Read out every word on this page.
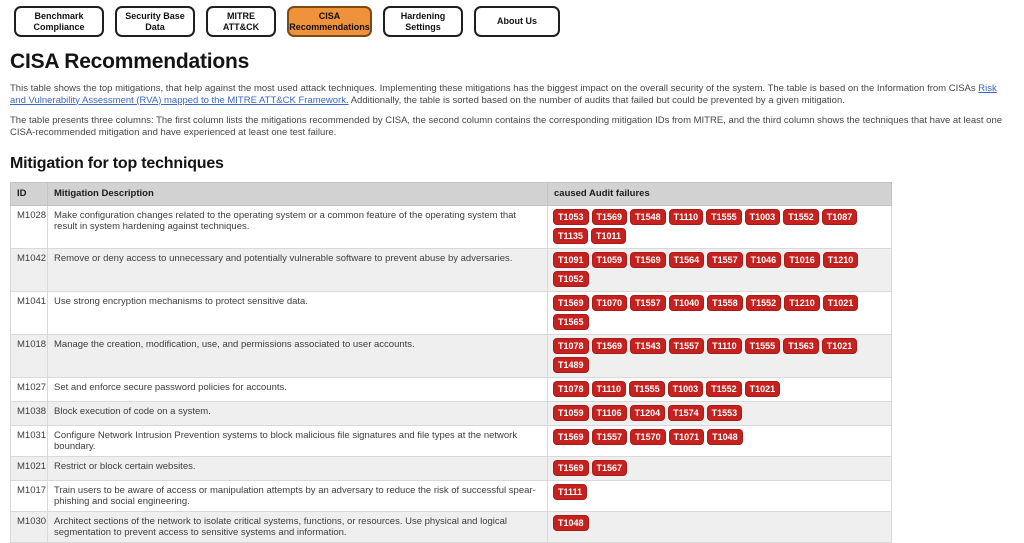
Benchmark Compliance
Security Base Data
MITRE ATT&CK
CISA Recommendations
Hardening Settings
About Us
CISA Recommendations

This table shows the top mitigations, that help against the most used attack techniques. Implementing these mitigations has the biggest impact on the overall security of the system. The table is based on the Information from CISAs Risk and Vulnerability Assessment (RVA) mapped to the MITRE ATT&CK Framework. Additionally, the table is sorted based on the number of audits that failed but could be prevented by a given mitigation.

The table presents three columns: The first column lists the mitigations recommended by CISA, the second column contains the corresponding mitigation IDs from MITRE, and the third column shows the techniques that have at least one CISA-recommended mitigation and have experienced at least one test failure.

Mitigation for top techniques
ID	Mitigation Description	caused Audit failures
M1028	Make configuration changes related to the operating system or a common feature of the operating system that result in system hardening against techniques.	T1053 T1569 T1548 T1110 T1555 T1003 T1552 T1087T1135 T1011
M1042	Remove or deny access to unnecessary and potentially vulnerable software to prevent abuse by adversaries.	T1091 T1059 T1569 T1564 T1557 T1046 T1016 T1210T1052
M1041	Use strong encryption mechanisms to protect sensitive data.	T1569 T1070 T1557 T1040 T1558 T1552 T1210 T1021T1565
M1018	Manage the creation, modification, use, and permissions associated to user accounts.	T1078 T1569 T1543 T1557 T1110 T1555 T1563 T1021T1489
M1027	Set and enforce secure password policies for accounts.	T1078 T1110 T1555 T1003 T1552 T1021
M1038	Block execution of code on a system.	T1059 T1106 T1204 T1574 T1553
M1031	Configure Network Intrusion Prevention systems to block malicious file signatures and file types at the network boundary.	T1569 T1557 T1570 T1071 T1048
M1021	Restrict or block certain websites.	T1569 T1567
M1017	Train users to be aware of access or manipulation attempts by an adversary to reduce the risk of successful spear-phishing and social engineering.	T1111
M1030	Architect sections of the network to isolate critical systems, functions, or resources. Use physical and logical segmentation to prevent access to sensitive systems and information.	T1048
